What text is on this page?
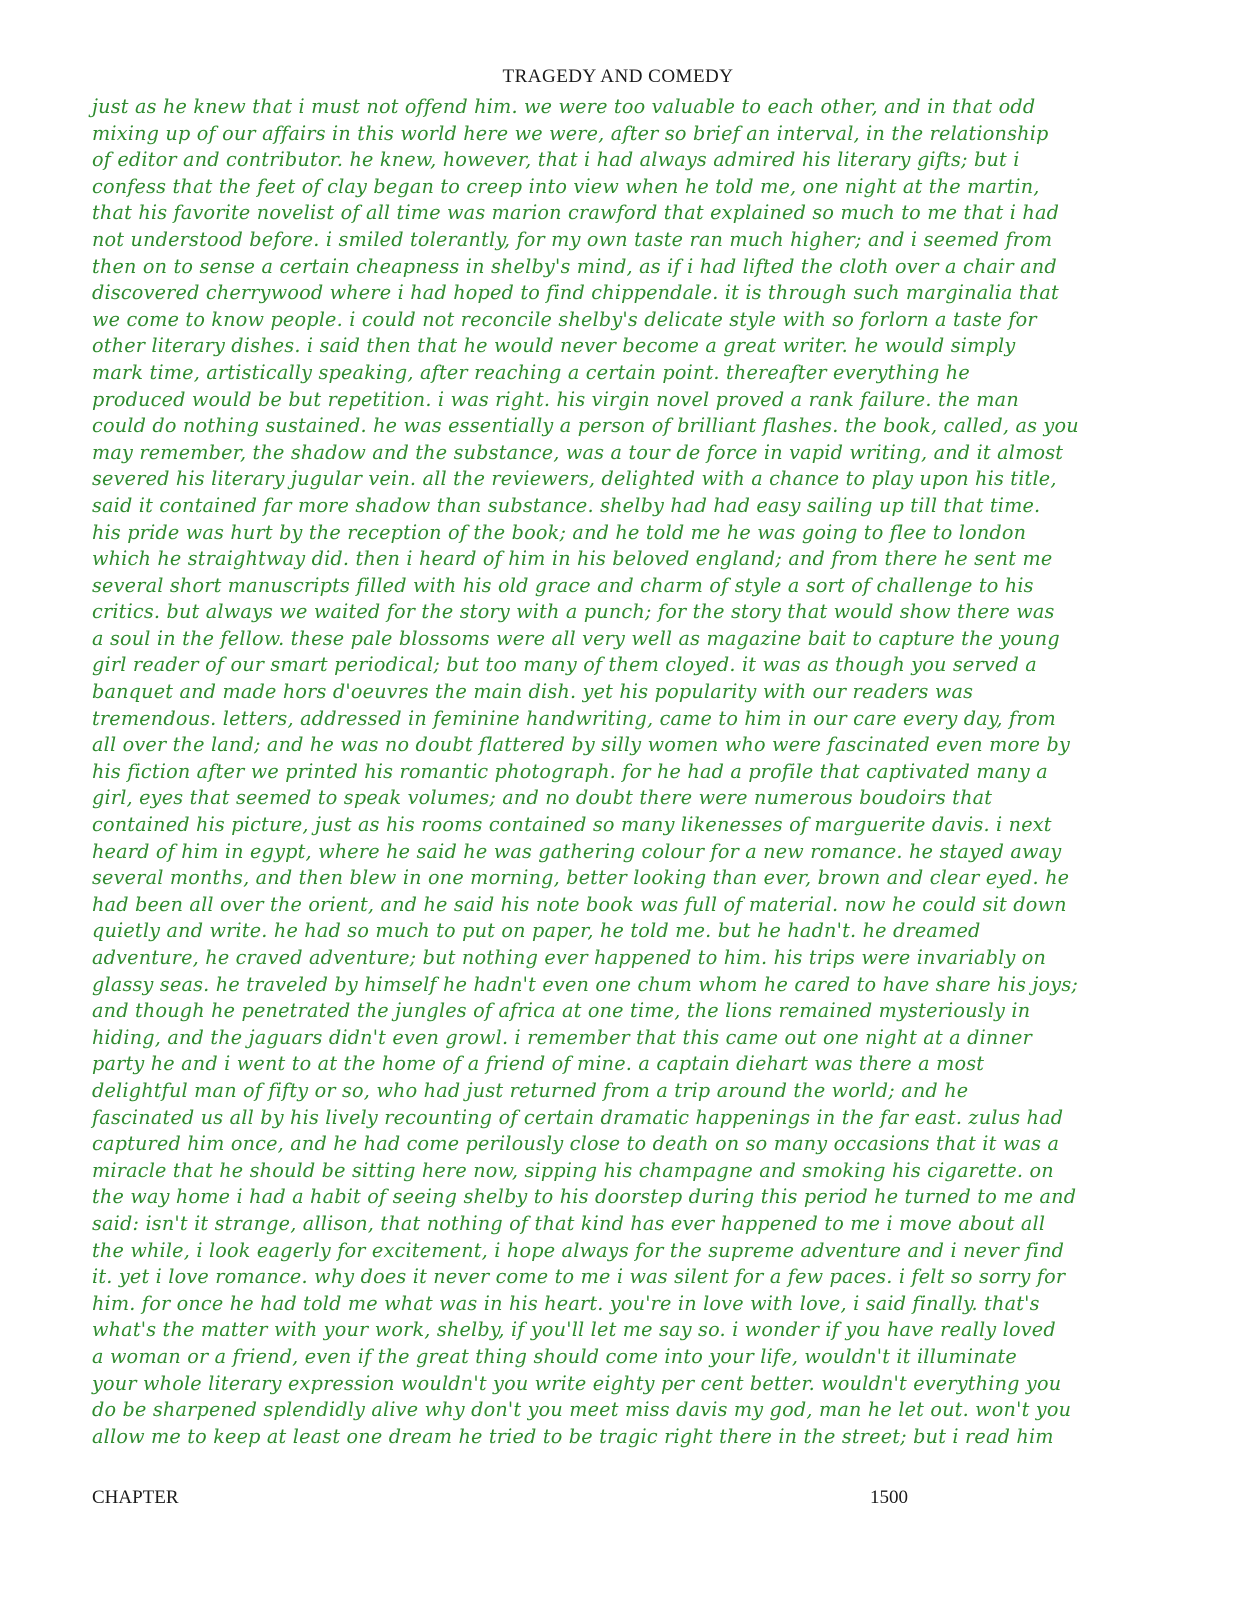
TRAGEDY AND COMEDY
just as he knew that i must not offend him. we were too valuable to each other, and in that odd
mixing up of our affairs in this world here we were, after so brief an interval, in the relationship
of editor and contributor. he knew, however, that i had always admired his literary gifts; but i
confess that the feet of clay began to creep into view when he told me, one night at the martin,
that his favorite novelist of all time was marion crawford that explained so much to me that i had
not understood before. i smiled tolerantly, for my own taste ran much higher; and i seemed from
then on to sense a certain cheapness in shelby's mind, as if i had lifted the cloth over a chair and
discovered cherrywood where i had hoped to find chippendale. it is through such marginalia that
we come to know people. i could not reconcile shelby's delicate style with so forlorn a taste for
other literary dishes. i said then that he would never become a great writer. he would simply
mark time, artistically speaking, after reaching a certain point. thereafter everything he
produced would be but repetition. i was right. his virgin novel proved a rank failure. the man
could do nothing sustained. he was essentially a person of brilliant flashes. the book, called, as you
may remember, the shadow and the substance, was a tour de force in vapid writing, and it almost
severed his literary jugular vein. all the reviewers, delighted with a chance to play upon his title,
said it contained far more shadow than substance. shelby had had easy sailing up till that time.
his pride was hurt by the reception of the book; and he told me he was going to flee to london
which he straightway did. then i heard of him in his beloved england; and from there he sent me
several short manuscripts filled with his old grace and charm of style a sort of challenge to his
critics. but always we waited for the story with a punch; for the story that would show there was
a soul in the fellow. these pale blossoms were all very well as magazine bait to capture the young
girl reader of our smart periodical; but too many of them cloyed. it was as though you served a
banquet and made hors d'oeuvres the main dish. yet his popularity with our readers was
tremendous. letters, addressed in feminine handwriting, came to him in our care every day, from
all over the land; and he was no doubt flattered by silly women who were fascinated even more by
his fiction after we printed his romantic photograph. for he had a profile that captivated many a
girl, eyes that seemed to speak volumes; and no doubt there were numerous boudoirs that
contained his picture, just as his rooms contained so many likenesses of marguerite davis. i next
heard of him in egypt, where he said he was gathering colour for a new romance. he stayed away
several months, and then blew in one morning, better looking than ever, brown and clear eyed. he
had been all over the orient, and he said his note book was full of material. now he could sit down
quietly and write. he had so much to put on paper, he told me. but he hadn't. he dreamed
adventure, he craved adventure; but nothing ever happened to him. his trips were invariably on
glassy seas. he traveled by himself he hadn't even one chum whom he cared to have share his joys;
and though he penetrated the jungles of africa at one time, the lions remained mysteriously in
hiding, and the jaguars didn't even growl. i remember that this came out one night at a dinner
party he and i went to at the home of a friend of mine. a captain diehart was there a most
delightful man of fifty or so, who had just returned from a trip around the world; and he
fascinated us all by his lively recounting of certain dramatic happenings in the far east. zulus had
captured him once, and he had come perilously close to death on so many occasions that it was a
miracle that he should be sitting here now, sipping his champagne and smoking his cigarette. on
the way home i had a habit of seeing shelby to his doorstep during this period he turned to me and
said: isn't it strange, allison, that nothing of that kind has ever happened to me i move about all
the while, i look eagerly for excitement, i hope always for the supreme adventure and i never find
it. yet i love romance. why does it never come to me i was silent for a few paces. i felt so sorry for
him. for once he had told me what was in his heart. you're in love with love, i said finally. that's
what's the matter with your work, shelby, if you'll let me say so. i wonder if you have really loved
a woman or a friend, even if the great thing should come into your life, wouldn't it illuminate
your whole literary expression wouldn't you write eighty per cent better. wouldn't everything you
do be sharpened splendidly alive why don't you meet miss davis my god, man he let out. won't you
allow me to keep at least one dream he tried to be tragic right there in the street; but i read him
CHAPTER	1500
